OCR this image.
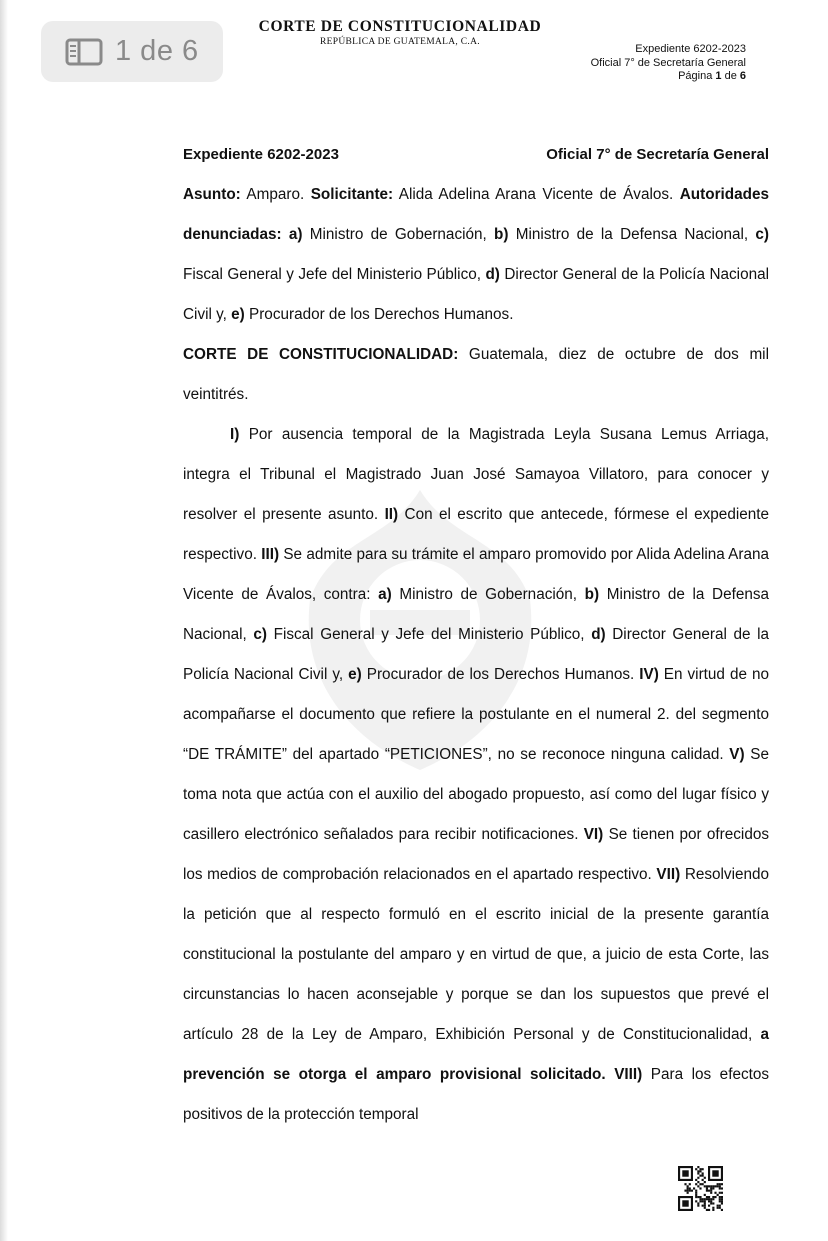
1 de 6
CORTE DE CONSTITUCIONALIDAD
REPÚBLICA DE GUATEMALA, C.A.
Expediente 6202-2023
Oficial 7° de Secretaría General
Página 1 de 6
Expediente 6202-2023	Oficial 7° de Secretaría General

Asunto: Amparo. Solicitante: Alida Adelina Arana Vicente de Ávalos. Autoridades denunciadas: a) Ministro de Gobernación, b) Ministro de la Defensa Nacional, c) Fiscal General y Jefe del Ministerio Público, d) Director General de la Policía Nacional Civil y, e) Procurador de los Derechos Humanos.

CORTE DE CONSTITUCIONALIDAD: Guatemala, diez de octubre de dos mil veintitrés.

I) Por ausencia temporal de la Magistrada Leyla Susana Lemus Arriaga, integra el Tribunal el Magistrado Juan José Samayoa Villatoro, para conocer y resolver el presente asunto. II) Con el escrito que antecede, fórmese el expediente respectivo. III) Se admite para su trámite el amparo promovido por Alida Adelina Arana Vicente de Ávalos, contra: a) Ministro de Gobernación, b) Ministro de la Defensa Nacional, c) Fiscal General y Jefe del Ministerio Público, d) Director General de la Policía Nacional Civil y, e) Procurador de los Derechos Humanos. IV) En virtud de no acompañarse el documento que refiere la postulante en el numeral 2. del segmento “DE TRÁMITE” del apartado “PETICIONES”, no se reconoce ninguna calidad. V) Se toma nota que actúa con el auxilio del abogado propuesto, así como del lugar físico y casillero electrónico señalados para recibir notificaciones. VI) Se tienen por ofrecidos los medios de comprobación relacionados en el apartado respectivo. VII) Resolviendo la petición que al respecto formuló en el escrito inicial de la presente garantía constitucional la postulante del amparo y en virtud de que, a juicio de esta Corte, las circunstancias lo hacen aconsejable y porque se dan los supuestos que prevé el artículo 28 de la Ley de Amparo, Exhibición Personal y de Constitucionalidad, a prevención se otorga el amparo provisional solicitado. VIII) Para los efectos positivos de la protección temporal
